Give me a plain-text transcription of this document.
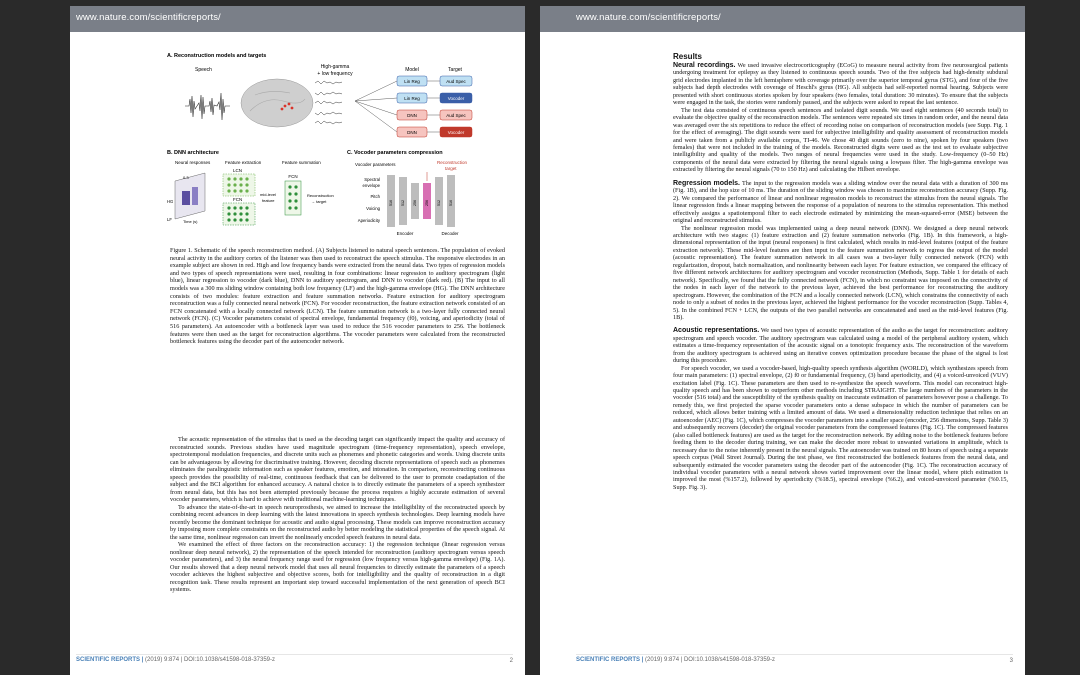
www.nature.com/scientificreports/
A. Reconstruction models and targets
Speech	High-gamma
+ low frequency
Model	Target
Lin Reg
Lin Reg
DNN
DNN
Aud Spec
Vocoder
Aud Spec
Vocoder
B. DNN architecture
Neural responses	Feature extraction	Feature summation
0.3
HG
LF	Time (s)
LCN
FCN
mid-level
feature
FCN
Reconstruction
→ target
C. Vocoder parameters compression
Vocoder parameters	Reconstruction
target
Spectral
envelope
Pitch
Voicing
Aperiodicity
516 512 256 256 512 516
Encoder	Decoder
Figure 1. Schematic of the speech reconstruction method. (A) Subjects listened to natural speech sentences. The population of evoked neural activity in the auditory cortex of the listener was then used to reconstruct the speech stimulus. The responsive electrodes in an example subject are shown in red. High and low frequency bands were extracted from the neural data. Two types of regression models and two types of speech representations were used, resulting in four combinations: linear regression to auditory spectrogram (light blue), linear regression to vocoder (dark blue), DNN to auditory spectrogram, and DNN to vocoder (dark red). (B) The input to all models was a 300 ms sliding window containing both low frequency (LF) and the high-gamma envelope (HG). The DNN architecture consists of two modules: feature extraction and feature summation networks. Feature extraction for auditory spectrogram reconstruction was a fully connected neural network (FCN). For vocoder reconstruction, the feature extraction network consisted of an FCN concatenated with a locally connected network (LCN). The feature summation network is a two-layer fully connected neural network (FCN). (C) Vocoder parameters consist of spectral envelope, fundamental frequency (f0), voicing, and aperiodicity (total of 516 parameters). An autoencoder with a bottleneck layer was used to reduce the 516 vocoder parameters to 256. The bottleneck features were then used as the target for reconstruction algorithms. The vocoder parameters were calculated from the reconstructed bottleneck features using the decoder part of the autoencoder network.

The acoustic representation of the stimulus that is used as the decoding target can significantly impact the quality and accuracy of reconstructed sounds. Previous studies have used magnitude spectrogram (time-frequency representation), speech envelope, spectrotemporal modulation frequencies, and discrete units such as phonemes and phonetic categories and words. Using discrete units can be advantageous by allowing for discriminative training. However, decoding discrete representations of speech such as phonemes eliminates the paralinguistic information such as speaker features, emotion, and intonation. In comparison, reconstructing continuous speech provides the possibility of real-time, continuous feedback that can be delivered to the user to promote coadaptation of the subject and the BCI algorithm for enhanced accuracy. A natural choice is to directly estimate the parameters of a speech synthesizer from neural data, but this has not been attempted previously because the process requires a highly accurate estimation of several vocoder parameters, which is hard to achieve with traditional machine-learning techniques.

To advance the state-of-the-art in speech neuroprosthesis, we aimed to increase the intelligibility of the reconstructed speech by combining recent advances in deep learning with the latest innovations in speech synthesis technologies. Deep learning models have recently become the dominant technique for acoustic and audio signal processing. These models can improve reconstruction accuracy by imposing more complete constraints on the reconstructed audio by better modeling the statistical properties of the speech signal. At the same time, nonlinear regression can invert the nonlinearly encoded speech features in neural data.

We examined the effect of three factors on the reconstruction accuracy: 1) the regression technique (linear regression versus nonlinear deep neural network), 2) the representation of the speech intended for reconstruction (auditory spectrogram versus speech vocoder parameters), and 3) the neural frequency range used for regression (low frequency versus high-gamma envelope) (Fig. 1A). Our results showed that a deep neural network model that uses all neural frequencies to directly estimate the parameters of a speech vocoder achieves the highest subjective and objective scores, both for intelligibility and the quality of reconstruction in a digit recognition task. These results represent an important step toward successful implementation of the next generation of speech BCI systems.

SCIENTIFIC REPORTS | (2019) 9:874 | DOI:10.1038/s41598-018-37359-z	2
www.nature.com/scientificreports/
Results

Neural recordings. We used invasive electrocorticography (ECoG) to measure neural activity from five neurosurgical patients undergoing treatment for epilepsy as they listened to continuous speech sounds. Two of the five subjects had high-density subdural grid electrodes implanted in the left hemisphere with coverage primarily over the superior temporal gyrus (STG), and four of the five subjects had depth electrodes with coverage of Heschl's gyrus (HG). All subjects had self-reported normal hearing. Subjects were presented with short continuous stories spoken by four speakers (two females, total duration: 30 minutes). To ensure that the subjects were engaged in the task, the stories were randomly paused, and the subjects were asked to repeat the last sentence.

The test data consisted of continuous speech sentences and isolated digit sounds. We used eight sentences (40 seconds total) to evaluate the objective quality of the reconstruction models. The sentences were repeated six times in random order, and the neural data was averaged over the six repetitions to reduce the effect of recording noise on comparison of reconstruction models (see Supp. Fig. 1 for the effect of averaging). The digit sounds were used for subjective intelligibility and quality assessment of reconstruction models and were taken from a publicly available corpus, TI-46. We chose 40 digit sounds (zero to nine), spoken by four speakers (two females) that were not included in the training of the models. Reconstructed digits were used as the test set to evaluate subjective intelligibility and quality of the models. Two ranges of neural frequencies were used in the study. Low-frequency (0–50 Hz) components of the neural data were extracted by filtering the neural signals using a lowpass filter. The high-gamma envelope was extracted by filtering the neural signals (70 to 150 Hz) and calculating the Hilbert envelope.

Regression models. The input to the regression models was a sliding window over the neural data with a duration of 300 ms (Fig. 1B), and the hop size of 10 ms. The duration of the sliding window was chosen to maximize reconstruction accuracy (Supp. Fig. 2). We compared the performance of linear and nonlinear regression models to reconstruct the stimulus from the neural signals. The linear regression finds a linear mapping between the response of a population of neurons to the stimulus representation. This method effectively assigns a spatiotemporal filter to each electrode estimated by minimizing the mean-squared-error (MSE) between the original and reconstructed stimulus.

The nonlinear regression model was implemented using a deep neural network (DNN). We designed a deep neural network architecture with two stages: (1) feature extraction and (2) feature summation networks (Fig. 1B). In this framework, a high-dimensional representation of the input (neural responses) is first calculated, which results in mid-level features (output of the feature extraction network). These mid-level features are then input to the feature summation network to regress the output of the model (acoustic representation). The feature summation network in all cases was a two-layer fully connected network (FCN) with regularization, dropout, batch normalization, and nonlinearity between each layer. For feature extraction, we compared the efficacy of five different network architectures for auditory spectrogram and vocoder reconstruction (Methods, Supp. Table 1 for details of each network). Specifically, we found that the fully connected network (FCN), in which no constraint was imposed on the connectivity of the nodes in each layer of the network to the previous layer, achieved the best performance for reconstructing the auditory spectrogram. However, the combination of the FCN and a locally connected network (LCN), which constrains the connectivity of each node to only a subset of nodes in the previous layer, achieved the highest performance for the vocoder reconstruction (Supp. Tables 4, 5). In the combined FCN + LCN, the outputs of the two parallel networks are concatenated and used as the mid-level features (Fig. 1B).

Acoustic representations. We used two types of acoustic representation of the audio as the target for reconstruction: auditory spectrogram and speech vocoder. The auditory spectrogram was calculated using a model of the peripheral auditory system, which estimates a time-frequency representation of the acoustic signal on a tonotopic frequency axis. The reconstruction of the waveform from the auditory spectrogram is achieved using an iterative convex optimization procedure because the phase of the signal is lost during this procedure.

For speech vocoder, we used a vocoder-based, high-quality speech synthesis algorithm (WORLD), which synthesizes speech from four main parameters: (1) spectral envelope, (2) f0 or fundamental frequency, (3) band aperiodicity, and (4) a voiced-unvoiced (VUV) excitation label (Fig. 1C). These parameters are then used to re-synthesize the speech waveform. This model can reconstruct high-quality speech and has been shown to outperform other methods including STRAIGHT. The large numbers of the parameters in the vocoder (516 total) and the susceptibility of the synthesis quality on inaccurate estimation of parameters however pose a challenge. To remedy this, we first projected the sparse vocoder parameters onto a dense subspace in which the number of parameters can be reduced, which allows better training with a limited amount of data. We used a dimensionality reduction technique that relies on an autoencoder (AEC) (Fig. 1C), which compresses the vocoder parameters into a smaller space (encoder, 256 dimensions, Supp. Table 3) and subsequently recovers (decoder) the original vocoder parameters from the compressed features (Fig. 1C). The compressed features (also called bottleneck features) are used as the target for the reconstruction network. By adding noise to the bottleneck features before feeding them to the decoder during training, we can make the decoder more robust to unwanted variations in amplitude, which is necessary due to the noise inherently present in the neural signals. The autoencoder was trained on 80 hours of speech using a separate speech corpus (Wall Street Journal). During the test phase, we first reconstructed the bottleneck features from the neural data, and subsequently estimated the vocoder parameters using the decoder part of the autoencoder (Fig. 1C). The reconstruction accuracy of individual vocoder parameters with a neural network shows varied improvement over the linear model, where pitch estimation is improved the most (%157.2), followed by aperiodicity (%18.5), spectral envelope (%6.2), and voiced-unvoiced parameter (%0.15, Supp. Fig. 3).

SCIENTIFIC REPORTS | (2019) 9:874 | DOI:10.1038/s41598-018-37359-z	3
